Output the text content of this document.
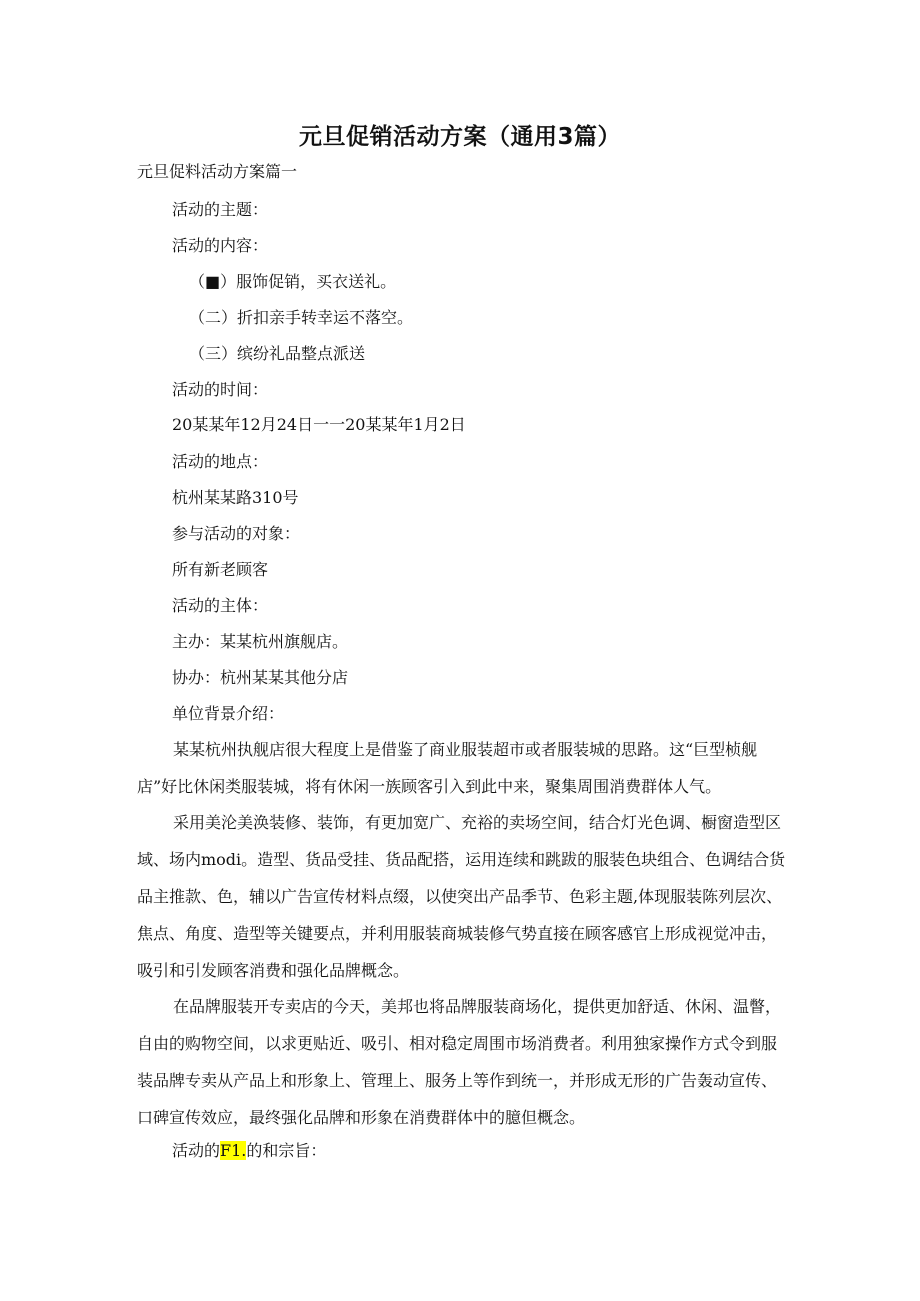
元旦促销活动方案（通用3篇）

元旦促料活动方案篇一

活动的主题：

活动的内容：

（■）服饰促销，买衣送礼。

（二）折扣亲手转幸运不落空。

（三）缤纷礼品整点派送

活动的时间：

20某某年12月24日一一20某某年1月2日

活动的地点：

杭州某某路310号

参与活动的对象：

所有新老顾客

活动的主体：

主办：某某杭州旗舰店。

协办：杭州某某其他分店

单位背景介绍：

某某杭州执舰店很大程度上是借鉴了商业服装超市或者服装城的思路。这“巨型桢舰店”好比休闲类服装城，将有休闲一族顾客引入到此中来，聚集周围消费群体人气。

采用美沦美涣装修、装饰，有更加宽广、充裕的卖场空间，结合灯光色调、橱窗造型区域、场内modi。造型、货品受挂、货品配搭，运用连续和跳跋的服装色块组合、色调结合货品主推款、色，辅以广告宣传材料点缀，以使突出产品季节、色彩主题,体现服装陈列层次、焦点、角度、造型等关键要点，并利用服装商城装修气势直接在顾客感官上形成视觉冲击，吸引和引发顾客消费和强化品牌概念。

在品牌服装开专卖店的今天，美邦也将品牌服装商场化，提供更加舒适、休闲、温瞥，自由的购物空间，以求更贴近、吸引、相对稳定周围市场消费者。利用独家操作方式令到服装品牌专卖从产品上和形象上、管理上、服务上等作到统一，并形成无形的广告轰动宣传、口碑宣传效应，最终强化品牌和形象在消费群体中的臆但概念。

活动的F1.的和宗旨：
